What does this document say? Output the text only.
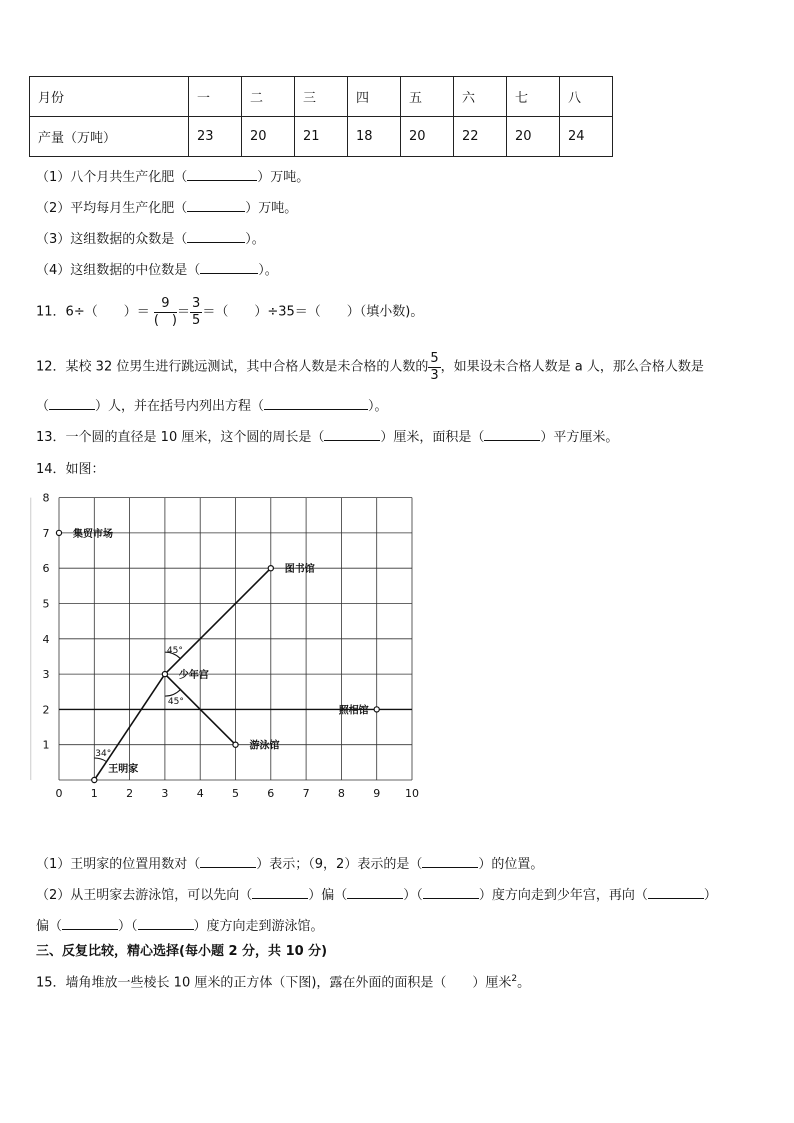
月份	一	二	三	四	五	六	七	八
产量（万吨）	23	20	21	18	20	22	20	24
（1）八个月共生产化肥（	）万吨。
（2）平均每月生产化肥（	）万吨。
（3）这组数据的众数是（	）。
（4）这组数据的中位数是（	）。
11．6÷（　　）＝ $\frac{9}{( )} = \frac{3}{5}$ ＝（　　）÷35＝（　　）（填小数)。
12．某校 32 位男生进行跳远测试，其中合格人数是未合格的人数的 $\frac{5}{3}$ ，如果设未合格人数是 a 人，那么合格人数是
（	）人，并在括号内列出方程（	）。
13．一个圆的直径是 10 厘米，这个圆的周长是（	）厘米，面积是（	）平方厘米。
14．如图：
0	1	2	3	4	5	6	7	8	9 10
1
2
3
4
5
6
7
8
45°
45°
34°
集贸市场
图书馆
少年宫
照相馆
游泳馆
王明家
（1）王明家的位置用数对（	）表示；（9，2）表示的是（	）的位置。
（2）从王明家去游泳馆，可以先向（	）偏（	）（	）度方向走到少年宫，再向（	）
偏（	）（	）度方向走到游泳馆。
三、反复比较，精心选择(每小题 2 分，共 10 分)
15．墙角堆放一些棱长 10 厘米的正方体（下图)，露在外面的面积是（　　）厘米$^2$。
